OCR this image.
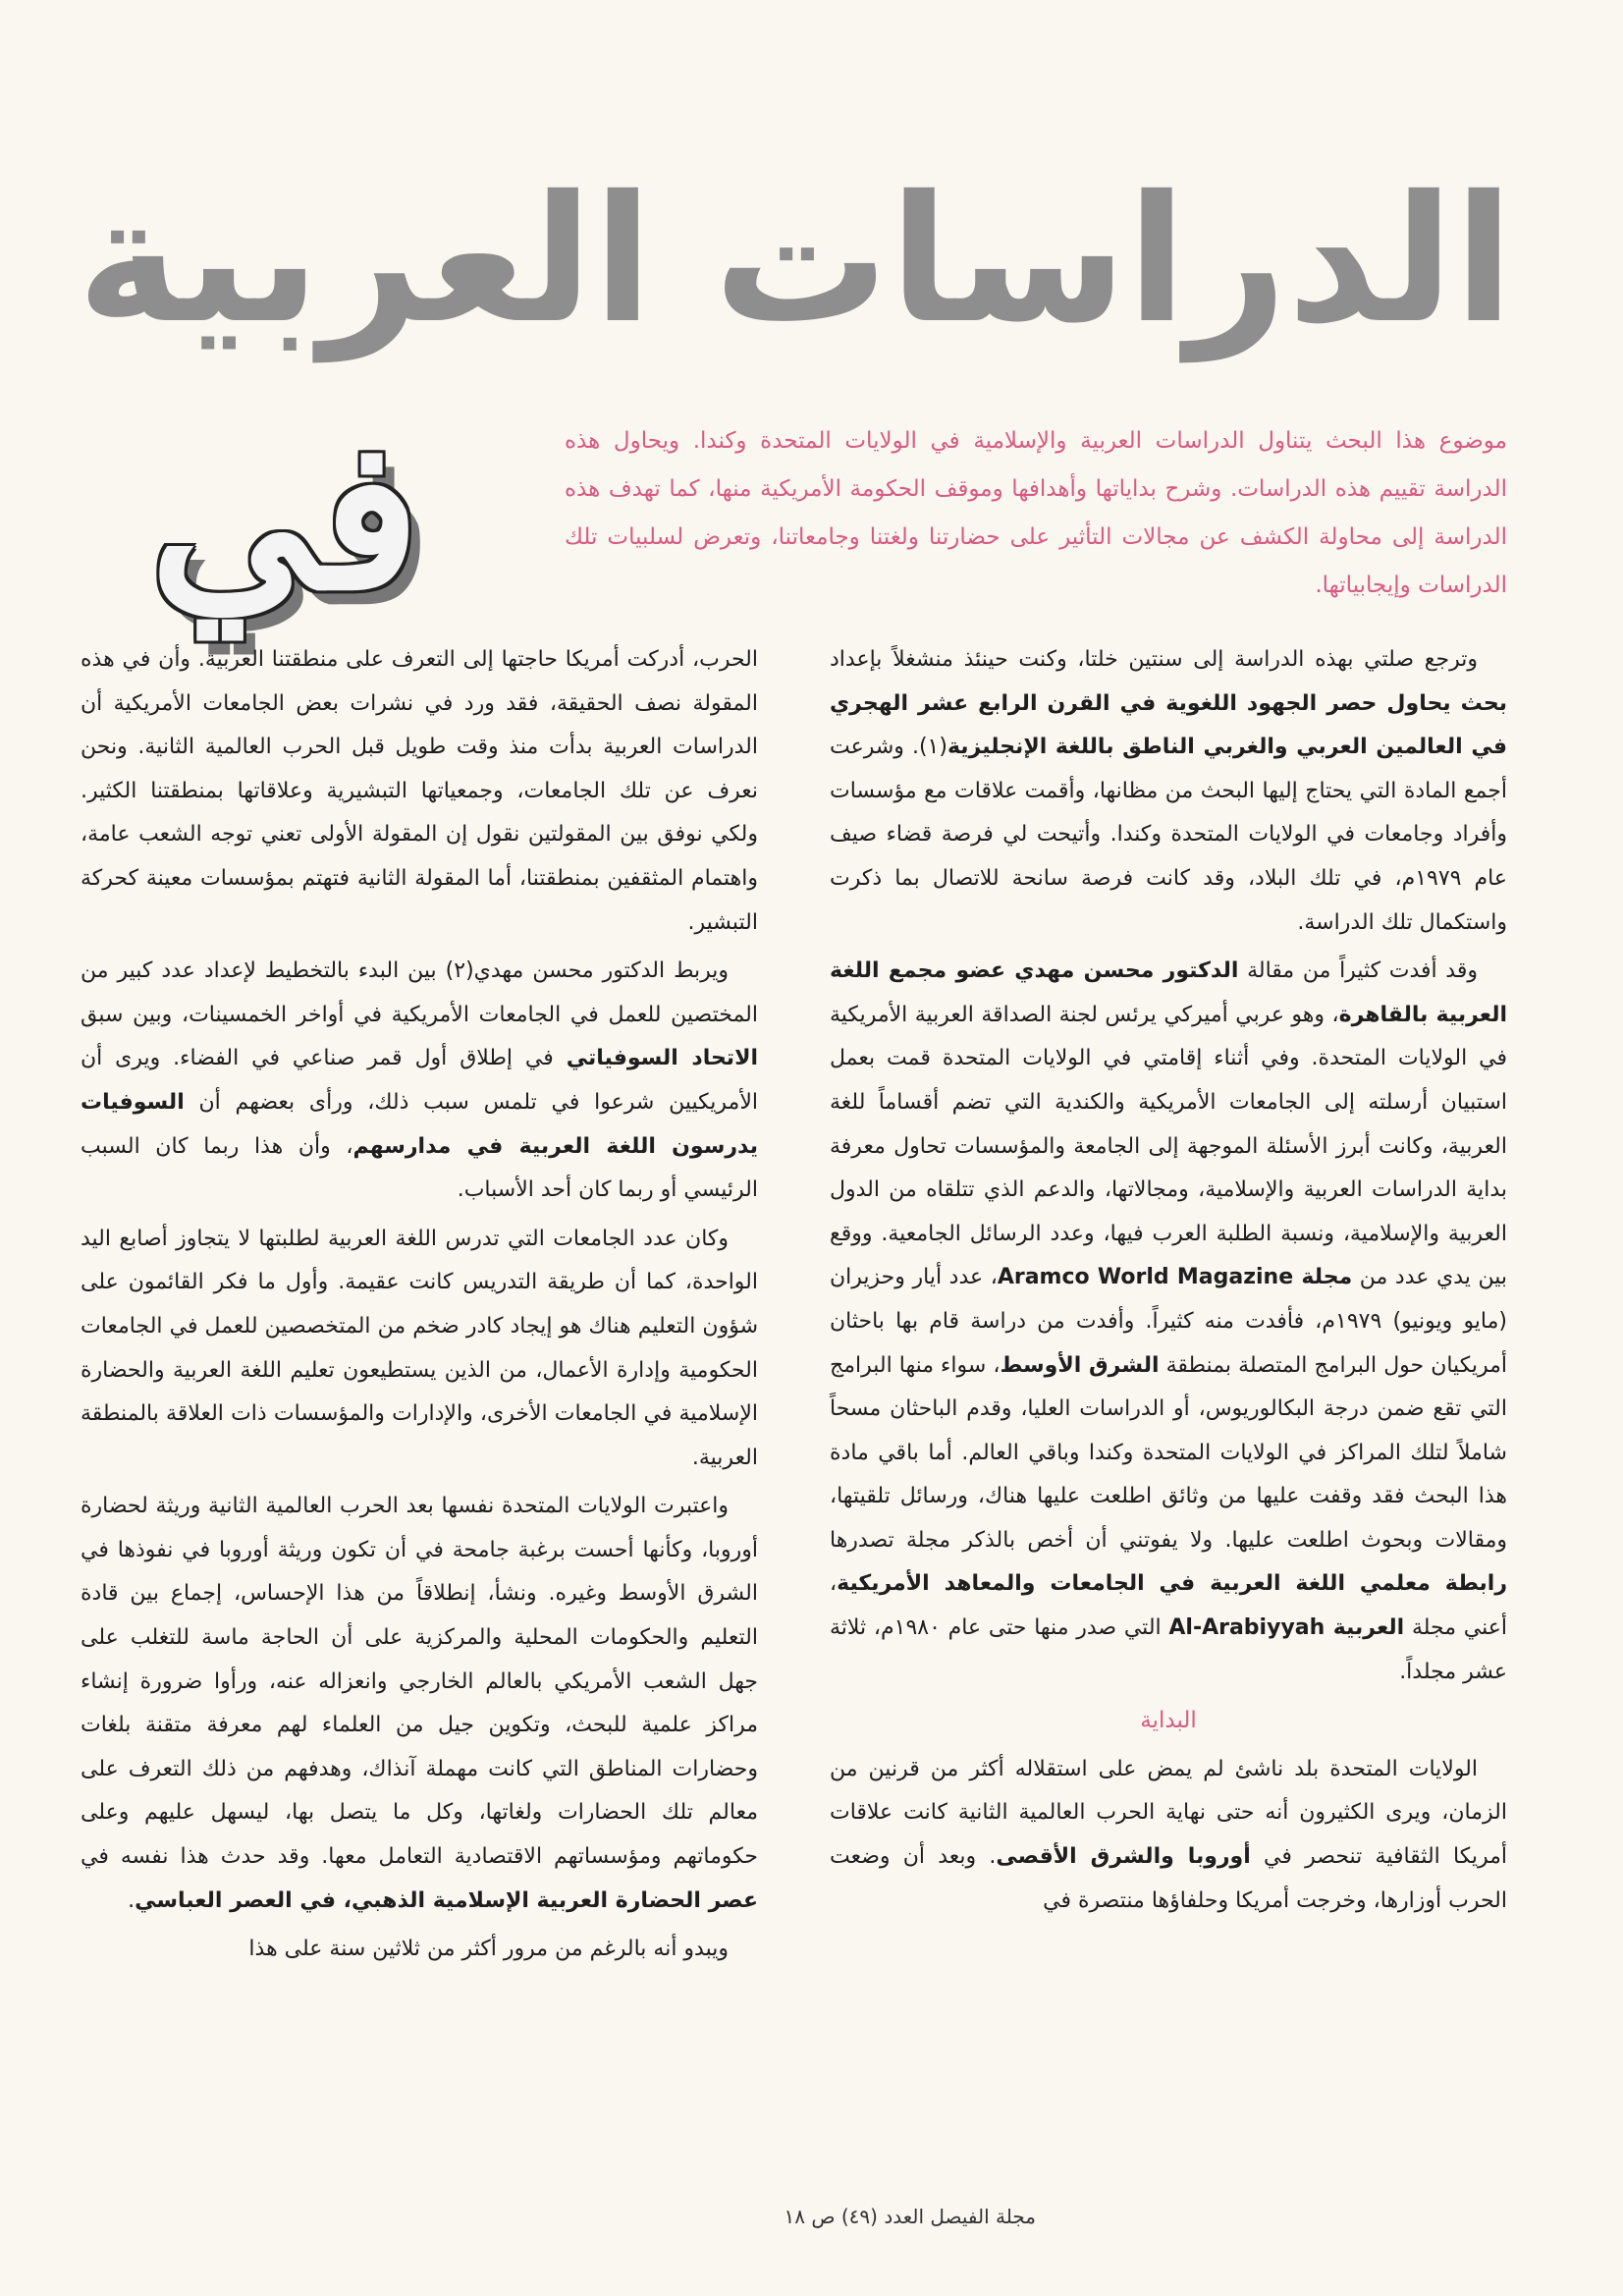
الدراسات العربية
في	موضوع هذا البحث يتناول الدراسات العربية والإسلامية في الولايات المتحدة وكندا. ويحاول هذه الدراسة تقييم هذه الدراسات. وشرح بداياتها وأهدافها وموقف الحكومة الأمريكية منها، كما تهدف هذه الدراسة إلى محاولة الكشف عن مجالات التأثير على حضارتنا ولغتنا وجامعاتنا، وتعرض لسلبيات تلك الدراسات وإيجابياتها.

وترجع صلتي بهذه الدراسة إلى سنتين خلتا، وكنت حينئذ منشغلاً بإعداد بحث يحاول حصر الجهود اللغوية في القرن الرابع عشر الهجري في العالمين العربي والغربي الناطق باللغة الإنجليزية(١). وشرعت أجمع المادة التي يحتاج إليها البحث من مظانها، وأقمت علاقات مع مؤسسات وأفراد وجامعات في الولايات المتحدة وكندا. وأتيحت لي فرصة قضاء صيف عام ١٩٧٩م، في تلك البلاد، وقد كانت فرصة سانحة للاتصال بما ذكرت واستكمال تلك الدراسة.

وقد أفدت كثيراً من مقالة الدكتور محسن مهدي عضو مجمع اللغة العربية بالقاهرة، وهو عربي أميركي يرئس لجنة الصداقة العربية الأمريكية في الولايات المتحدة. وفي أثناء إقامتي في الولايات المتحدة قمت بعمل استبيان أرسلته إلى الجامعات الأمريكية والكندية التي تضم أقساماً للغة العربية، وكانت أبرز الأسئلة الموجهة إلى الجامعة والمؤسسات تحاول معرفة بداية الدراسات العربية والإسلامية، ومجالاتها، والدعم الذي تتلقاه من الدول العربية والإسلامية، ونسبة الطلبة العرب فيها، وعدد الرسائل الجامعية. ووقع بين يدي عدد من مجلة Aramco World Magazine، عدد أيار وحزيران (مايو ويونيو) ١٩٧٩م، فأفدت منه كثيراً. وأفدت من دراسة قام بها باحثان أمريكيان حول البرامج المتصلة بمنطقة الشرق الأوسط، سواء منها البرامج التي تقع ضمن درجة البكالوريوس، أو الدراسات العليا، وقدم الباحثان مسحاً شاملاً لتلك المراكز في الولايات المتحدة وكندا وباقي العالم. أما باقي مادة هذا البحث فقد وقفت عليها من وثائق اطلعت عليها هناك، ورسائل تلقيتها، ومقالات وبحوث اطلعت عليها. ولا يفوتني أن أخص بالذكر مجلة تصدرها رابطة معلمي اللغة العربية في الجامعات والمعاهد الأمريكية، أعني مجلة العربية Al-Arabiyyah التي صدر منها حتى عام ١٩٨٠م، ثلاثة عشر مجلداً.

البداية

الولايات المتحدة بلد ناشئ لم يمض على استقلاله أكثر من قرنين من الزمان، ويرى الكثيرون أنه حتى نهاية الحرب العالمية الثانية كانت علاقات أمريكا الثقافية تنحصر في أوروبا والشرق الأقصى. وبعد أن وضعت الحرب أوزارها، وخرجت أمريكا وحلفاؤها منتصرة في

الحرب، أدركت أمريكا حاجتها إلى التعرف على منطقتنا العربية. وأن في هذه المقولة نصف الحقيقة، فقد ورد في نشرات بعض الجامعات الأمريكية أن الدراسات العربية بدأت منذ وقت طويل قبل الحرب العالمية الثانية. ونحن نعرف عن تلك الجامعات، وجمعياتها التبشيرية وعلاقاتها بمنطقتنا الكثير. ولكي نوفق بين المقولتين نقول إن المقولة الأولى تعني توجه الشعب عامة، واهتمام المثقفين بمنطقتنا، أما المقولة الثانية فتهتم بمؤسسات معينة كحركة التبشير.

ويربط الدكتور محسن مهدي(٢) بين البدء بالتخطيط لإعداد عدد كبير من المختصين للعمل في الجامعات الأمريكية في أواخر الخمسينات، وبين سبق الاتحاد السوفياتي في إطلاق أول قمر صناعي في الفضاء. ويرى أن الأمريكيين شرعوا في تلمس سبب ذلك، ورأى بعضهم أن السوفيات يدرسون اللغة العربية في مدارسهم، وأن هذا ربما كان السبب الرئيسي أو ربما كان أحد الأسباب.

وكان عدد الجامعات التي تدرس اللغة العربية لطلبتها لا يتجاوز أصابع اليد الواحدة، كما أن طريقة التدريس كانت عقيمة. وأول ما فكر القائمون على شؤون التعليم هناك هو إيجاد كادر ضخم من المتخصصين للعمل في الجامعات الحكومية وإدارة الأعمال، من الذين يستطيعون تعليم اللغة العربية والحضارة الإسلامية في الجامعات الأخرى، والإدارات والمؤسسات ذات العلاقة بالمنطقة العربية.

واعتبرت الولايات المتحدة نفسها بعد الحرب العالمية الثانية وريثة لحضارة أوروبا، وكأنها أحست برغبة جامحة في أن تكون وريثة أوروبا في نفوذها في الشرق الأوسط وغيره. ونشأ، إنطلاقاً من هذا الإحساس، إجماع بين قادة التعليم والحكومات المحلية والمركزية على أن الحاجة ماسة للتغلب على جهل الشعب الأمريكي بالعالم الخارجي وانعزاله عنه، ورأوا ضرورة إنشاء مراكز علمية للبحث، وتكوين جيل من العلماء لهم معرفة متقنة بلغات وحضارات المناطق التي كانت مهملة آنذاك، وهدفهم من ذلك التعرف على معالم تلك الحضارات ولغاتها، وكل ما يتصل بها، ليسهل عليهم وعلى حكوماتهم ومؤسساتهم الاقتصادية التعامل معها. وقد حدث هذا نفسه في عصر الحضارة العربية الإسلامية الذهبي، في العصر العباسي.

ويبدو أنه بالرغم من مرور أكثر من ثلاثين سنة على هذا

مجلة الفيصل العدد (٤٩) ص ١٨
